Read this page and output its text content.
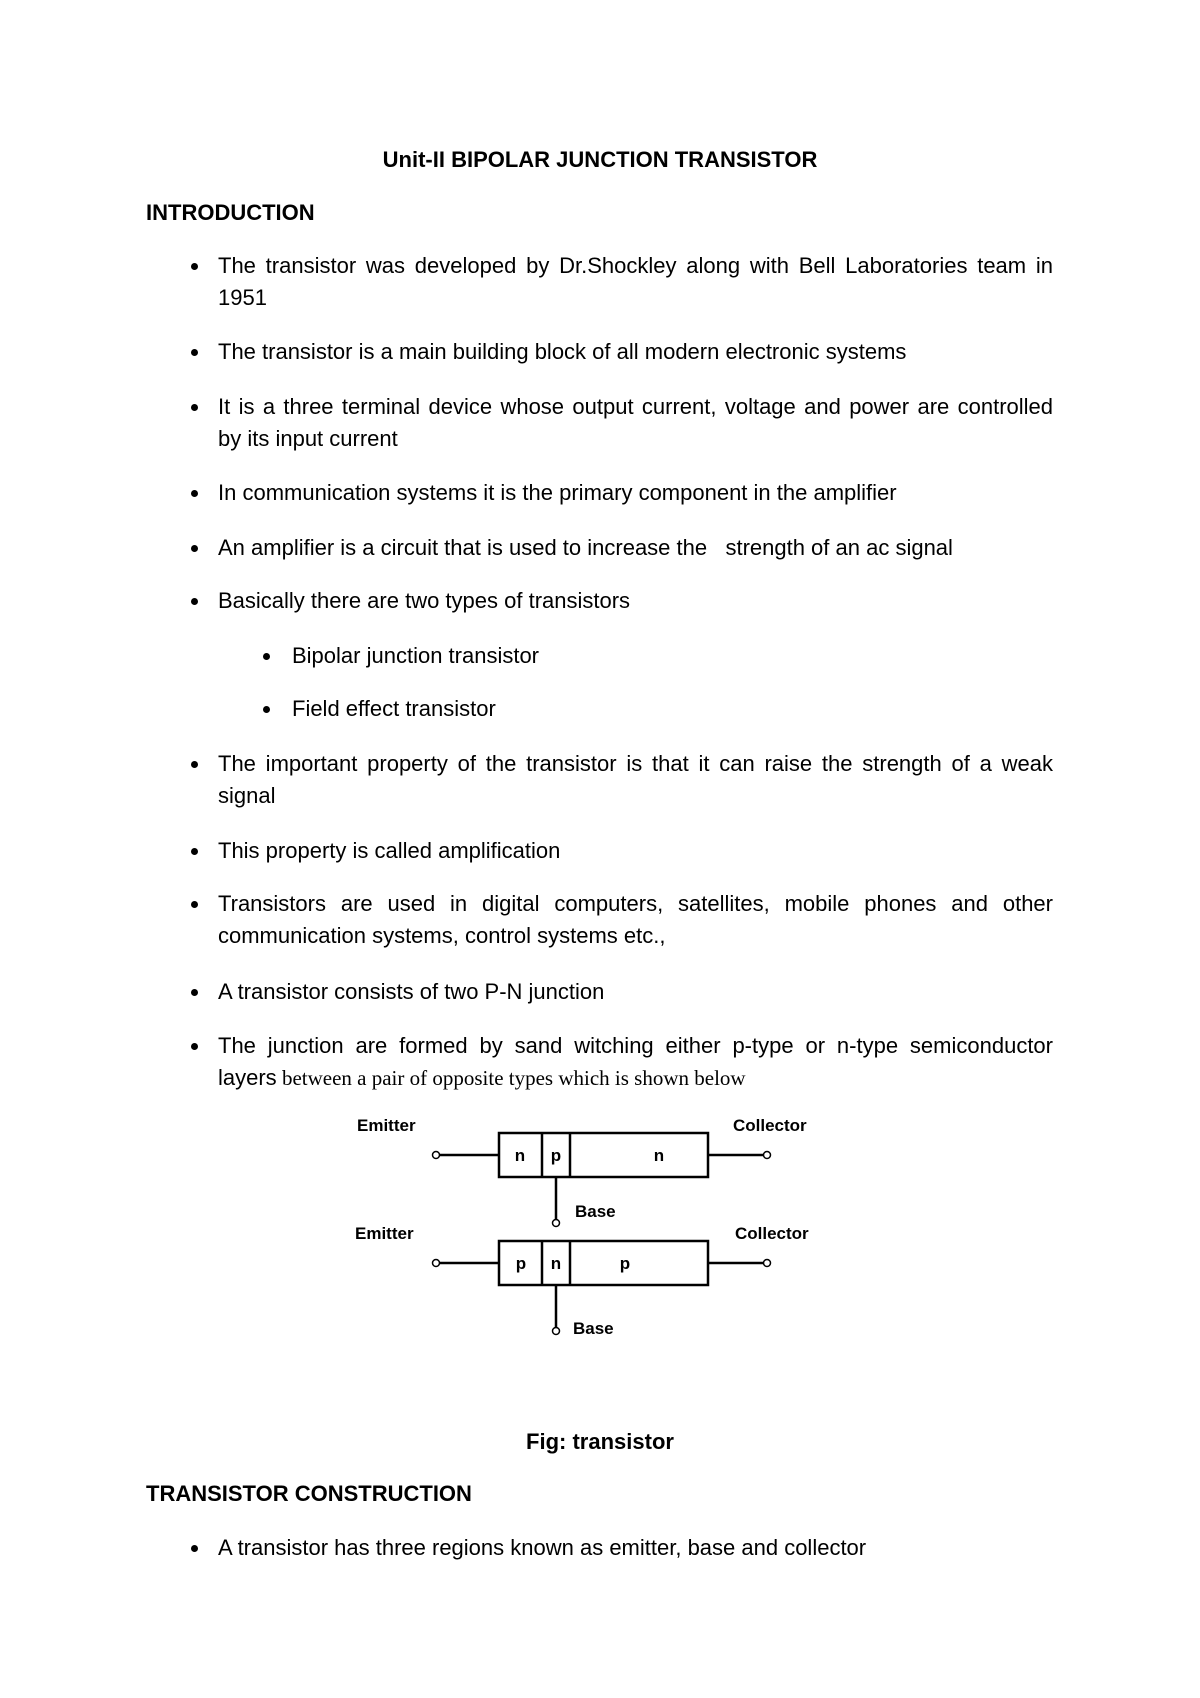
Unit-II BIPOLAR JUNCTION TRANSISTOR
INTRODUCTION
The transistor was developed by Dr.Shockley along with Bell Laboratories team in 1951
The transistor is a main building block of all modern electronic systems
It is a three terminal device whose output current, voltage and power are controlled by its input current
In communication systems it is the primary component in the amplifier
An amplifier is a circuit that is used to increase the   strength of an ac signal
Basically there are two types of transistors
Bipolar junction transistor
Field effect transistor
The important property of the transistor is that it can raise the strength of a weak signal
This property is called amplification
Transistors are used in digital computers, satellites, mobile phones and other communication systems, control systems etc.,
A transistor consists of two P-N junction
The junction are formed by sand witching either p-type or n-type semiconductor layers between a pair of opposite types which is shown below
Emitter	Collector
Base
n p	n
Emitter	Collector
Base
p n	p
Fig: transistor
TRANSISTOR CONSTRUCTION
A transistor has three regions known as emitter, base and collector
